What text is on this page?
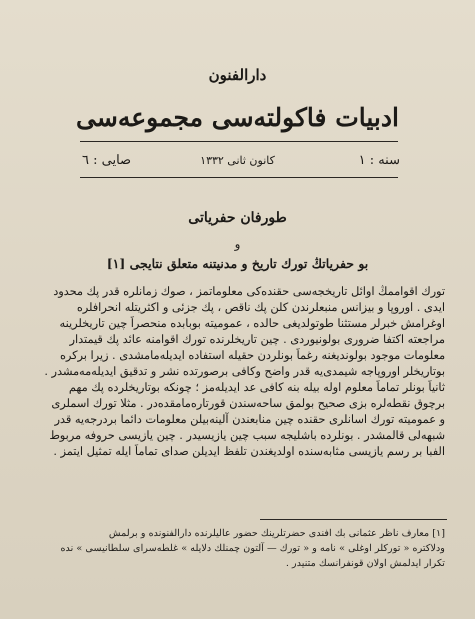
دارالفنون
ادبیات فاکولته‌سی مجموعه‌سی
سنه : ١
کانون ثانی ١٣٣٢
صایی : ٦
طورفان حفریاتی
و
بو حفریاتڭ تورك تاریخ و مدنیتنه متعلق نتایجی [١]

تورك اقواممڭ اوائل تاریخجه‌سی حقنده‌کی معلوماتمز ، صوك زمانلره قدر پك محدود

ایدی . اوروپا و بیزانس منبعلرندن کلن پك ناقص ، پك جزئی و اکثریتله انحرافلره

اوغرامش خبرلر مستثنا طوتولدیغی حالده ، عمومیته بوبابده منحصراً چین تاریخلرینه

مراجعته اکتفا ضروری بولونیوردی . چین تاریخلرنده تورك اقوامنه عائد پك قیمتدار

معلومات موجود بولوندیغنه رغماً بونلردن حقیله استفاده ایدیله‌مامشدی . زیرا برکره

بوتاریخلر اوروپاجه شیمدی‌یه قدر واضح وکافی برصورتده نشر و تدقیق ایدیله‌مه‌مشدر .

ثانیاً بونلر تماماً معلوم اوله بیله بنه کافی عد ایدیله‌مز ؛ چونکه بوتاریخلرده پك مهم

برچوق نقطه‌لره بزی صحیح بولمق ساحه‌سندن قورتاره‌مامقده‌در . مثلا تورك اسملری

و عمومیته تورك اسانلری حقنده چین منابعندن آلینه‌بیلن معلومات دائما بردرجه‌یه قدر

شبهه‌لی قالمشدر . بونلرده باشلیجه سبب چین یازیسیدر . چین یازیسی حروفه مربوط

الفبا بر رسم یازیسی مثابه‌سنده اولدیغندن تلفظ ایدیلن صدای تماماً ایله تمثیل ایتمز .

[١] معارف ناظر عثمانی بك افندی حضرتلرینك حضور عالیلرنده دارالفنونده و برلمش

ودلاکتره « تورکلر اوغلی » نامه و « تورك — آلتون چمنلك دلایله » غلطه‌سرای سلطانیسی » نده

تکرار ایدلمش اولان قونفرانسك متنیدر .
